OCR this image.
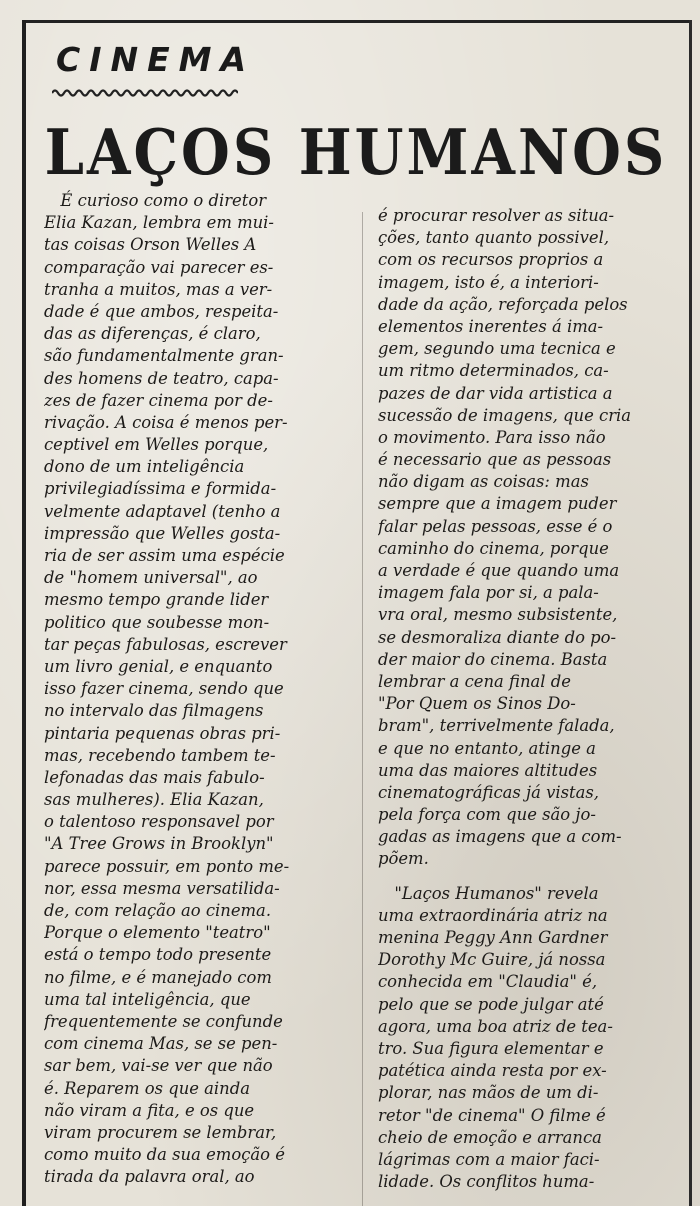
CINEMA
LAÇOS HUMANOS
 É curioso como o diretor
Elia Kazan, lembra em mui-
tas coisas Orson Welles A
comparação vai parecer es-
tranha a muitos, mas a ver-
dade é que ambos, respeita-
das as diferenças, é claro,
são fundamentalmente gran-
des homens de teatro, capa-
zes de fazer cinema por de-
rivação. A coisa é menos per-
ceptivel em Welles porque,
dono de um inteligência
privilegiadíssima e formida-
velmente adaptavel (tenho a
impressão que Welles gosta-
ria de ser assim uma espécie
de "homem universal", ao
mesmo tempo grande lider
politico que soubesse mon-
tar peças fabulosas, escrever
um livro genial, e enquanto
isso fazer cinema, sendo que
no intervalo das filmagens
pintaria pequenas obras pri-
mas, recebendo tambem te-
lefonadas das mais fabulo-
sas mulheres). Elia Kazan,
o talentoso responsavel por
"A Tree Grows in Brooklyn"
parece possuir, em ponto me-
nor, essa mesma versatilida-
de, com relação ao cinema.
Porque o elemento "teatro"
está o tempo todo presente
no filme, e é manejado com
uma tal inteligência, que
frequentemente se confunde
com cinema Mas, se se pen-
sar bem, vai-se ver que não
é. Reparem os que ainda
não viram a fita, e os que
viram procurem se lembrar,
como muito da sua emoção é
tirada da palavra oral, ao
é procurar resolver as situa-
ções, tanto quanto possivel,
com os recursos proprios a
imagem, isto é, a interiori-
dade da ação, reforçada pelos
elementos inerentes á ima-
gem, segundo uma tecnica e
um ritmo determinados, ca-
pazes de dar vida artistica a
sucessão de imagens, que cria
o movimento. Para isso não
é necessario que as pessoas
não digam as coisas: mas
sempre que a imagem puder
falar pelas pessoas, esse é o
caminho do cinema, porque
a verdade é que quando uma
imagem fala por si, a pala-
vra oral, mesmo subsistente,
se desmoraliza diante do po-
der maior do cinema. Basta
lembrar a cena final de
"Por Quem os Sinos Do-
bram", terrivelmente falada,
e que no entanto, atinge a
uma das maiores altitudes
cinematográficas já vistas,
pela força com que são jo-
gadas as imagens que a com-
põem.
 "Laços Humanos" revela
uma extraordinária atriz na
menina Peggy Ann Gardner
Dorothy Mc Guire, já nossa
conhecida em "Claudia" é,
pelo que se pode julgar até
agora, uma boa atriz de tea-
tro. Sua figura elementar e
patética ainda resta por ex-
plorar, nas mãos de um di-
retor "de cinema" O filme é
cheio de emoção e arranca
lágrimas com a maior faci-
lidade. Os conflitos huma-
